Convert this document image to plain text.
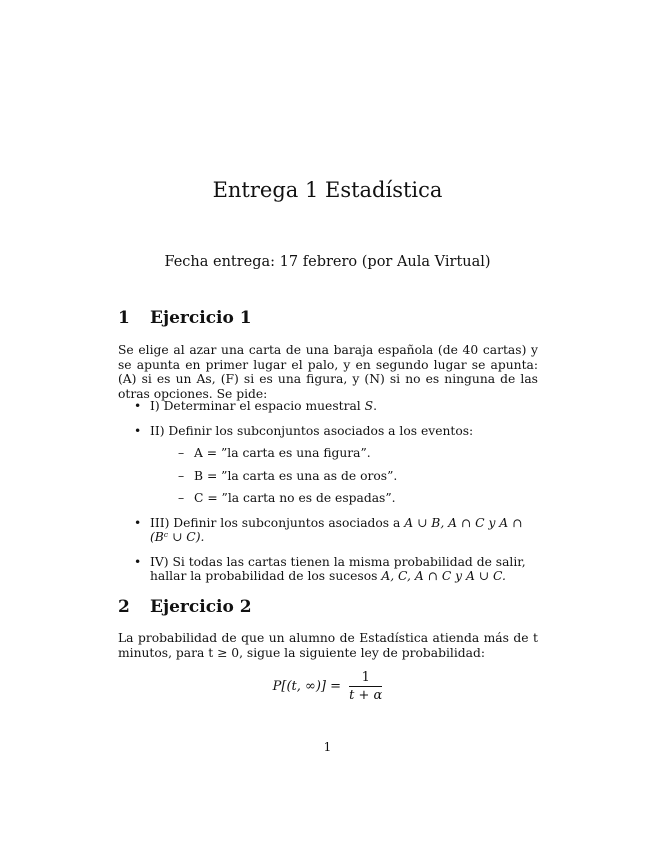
Entrega 1 Estadística
Fecha entrega: 17 febrero (por Aula Virtual)
1 Ejercicio 1
Se elige al azar una carta de una baraja española (de 40 cartas) y se apunta en primer lugar el palo, y en segundo lugar se apunta: (A) si es un As, (F) si es una figura, y (N) si no es ninguna de las otras opciones. Se pide:
• I) Determinar el espacio muestral S.
• II) Definir los subconjuntos asociados a los eventos:
– A = ”la carta es una figura”.
– B = ”la carta es una as de oros”.
– C = ”la carta no es de espadas”.
• III) Definir los subconjuntos asociados a A ∪ B, A ∩ C y A ∩ (Bᶜ ∪ C).
• IV) Si todas las cartas tienen la misma probabilidad de salir, hallar la probabilidad de los sucesos A, C, A ∩ C y A ∪ C.
2 Ejercicio 2
La probabilidad de que un alumno de Estadística atienda más de t minutos, para t ≥ 0, sigue la siguiente ley de probabilidad:
P[(t, ∞)] = $\frac{1}{t + \alpha}$
1
